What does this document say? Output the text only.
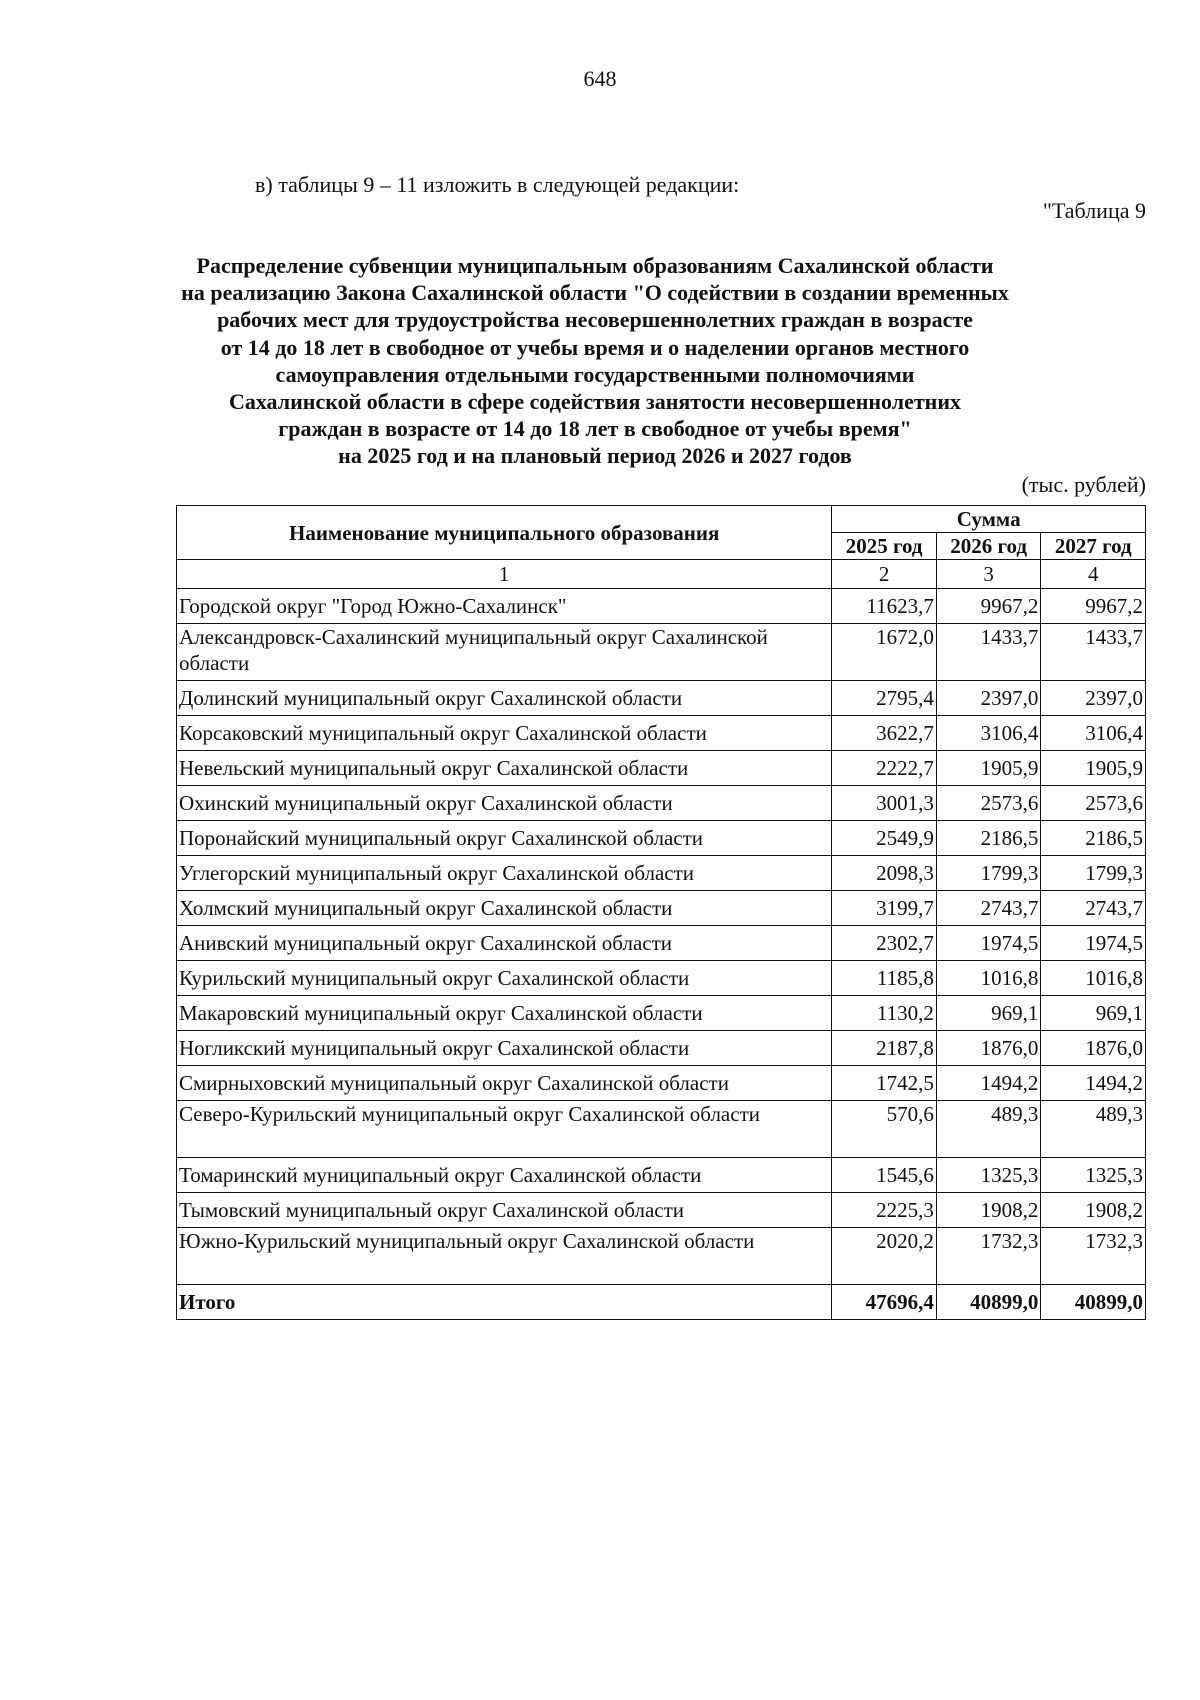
648
в) таблицы 9 – 11 изложить в следующей редакции:
"Таблица 9
Распределение субвенции муниципальным образованиям Сахалинской области
на реализацию Закона Сахалинской области "О содействии в создании временных
рабочих мест для трудоустройства несовершеннолетних граждан в возрасте
от 14 до 18 лет в свободное от учебы время и о наделении органов местного
самоуправления отдельными государственными полномочиями
Сахалинской области в сфере содействия занятости несовершеннолетних
граждан в возрасте от 14 до 18 лет в свободное от учебы время"
на 2025 год и на плановый период 2026 и 2027 годов
(тыс. рублей)
Наименование муниципального образования	Сумма		
	2025 год	2026 год	2027 год
1	2	3	4
Городской округ "Город Южно-Сахалинск"	11623,7	9967,2	9967,2
Александровск-Сахалинский муниципальный округ Сахалинской области	1672,0	1433,7	1433,7
Долинский муниципальный округ Сахалинской области	2795,4	2397,0	2397,0
Корсаковский муниципальный округ Сахалинской области	3622,7	3106,4	3106,4
Невельский муниципальный округ Сахалинской области	2222,7	1905,9	1905,9
Охинский муниципальный округ Сахалинской области	3001,3	2573,6	2573,6
Поронайский муниципальный округ Сахалинской области	2549,9	2186,5	2186,5
Углегорский муниципальный округ Сахалинской области	2098,3	1799,3	1799,3
Холмский муниципальный округ Сахалинской области	3199,7	2743,7	2743,7
Анивский муниципальный округ Сахалинской области	2302,7	1974,5	1974,5
Курильский муниципальный округ Сахалинской области	1185,8	1016,8	1016,8
Макаровский муниципальный округ Сахалинской области	1130,2	969,1	969,1
Ногликский муниципальный округ Сахалинской области	2187,8	1876,0	1876,0
Смирныховский муниципальный округ Сахалинской области	1742,5	1494,2	1494,2
Северо-Курильский муниципальный округ Сахалинской области	570,6	489,3	489,3
Томаринский муниципальный округ Сахалинской области	1545,6	1325,3	1325,3
Тымовский муниципальный округ Сахалинской области	2225,3	1908,2	1908,2
Южно-Курильский муниципальный округ Сахалинской области	2020,2	1732,3	1732,3
Итого	47696,4	40899,0	40899,0
